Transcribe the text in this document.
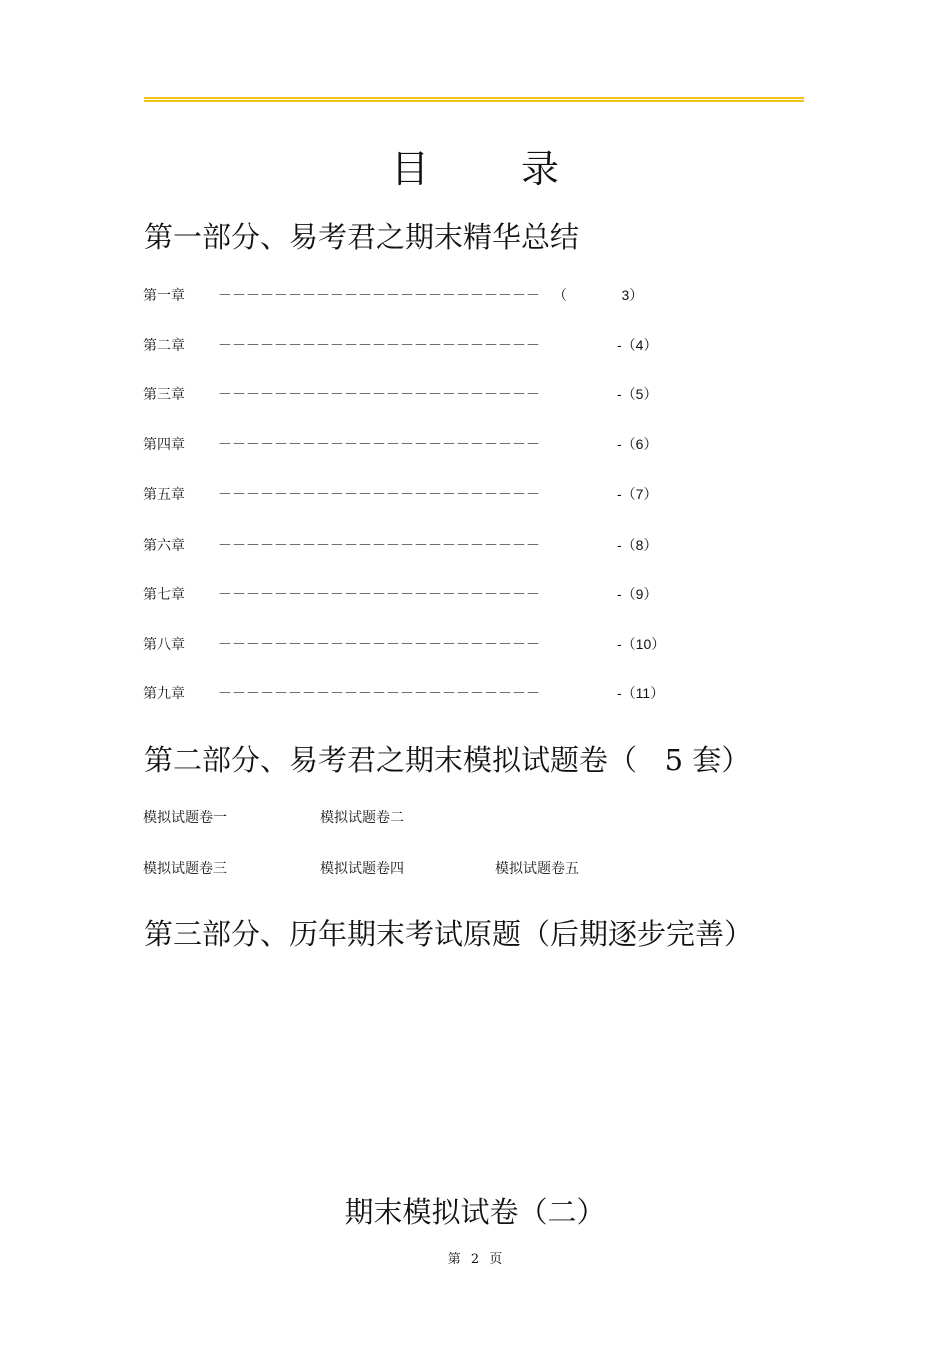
目 录
第一部分、易考君之期末精华总结
第一章 －－－－－－－－－－－－－－－－－－－－－－－ （              3）
第二章 －－－－－－－－－－－－－－－－－－－－－－－	-（4）
第三章 －－－－－－－－－－－－－－－－－－－－－－－	-（5）
第四章 －－－－－－－－－－－－－－－－－－－－－－－	-（6）
第五章 －－－－－－－－－－－－－－－－－－－－－－－	-（7）
第六章 －－－－－－－－－－－－－－－－－－－－－－－	-（8）
第七章 －－－－－－－－－－－－－－－－－－－－－－－	-（9）
第八章 －－－－－－－－－－－－－－－－－－－－－－－	-（10）
第九章 －－－－－－－－－－－－－－－－－－－－－－－	-（11）
第二部分、易考君之期末模拟试题卷（   5 套）
模拟试题卷一	模拟试题卷二
模拟试题卷三	模拟试题卷四	模拟试题卷五
第三部分、历年期末考试原题（后期逐步完善）
期末模拟试卷（二）
第 2 页
